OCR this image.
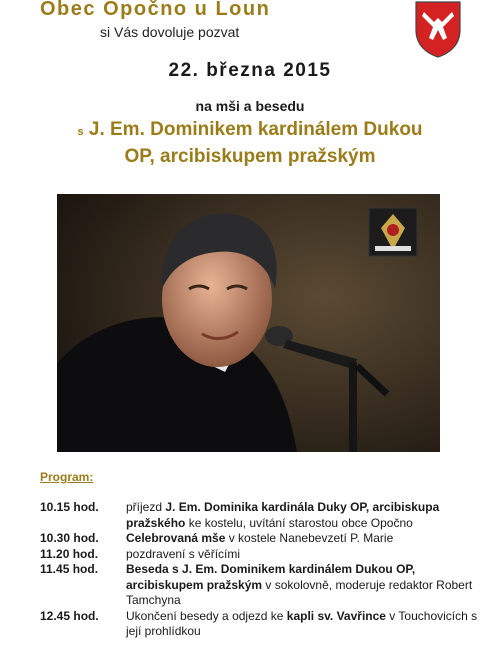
Obec Opočno u Loun
si Vás dovoluje pozvat
22. března 2015
na mši a besedu
s J. Em. Dominikem kardinálem Dukou
OP, arcibiskupem pražským
Program:
10.15 hod.	příjezd J. Em. Dominika kardinála Duky OP, arcibiskupa pražského ke kostelu, uvítání starostou obce Opočno
10.30 hod.	Celebrovaná mše v kostele Nanebevzetí P. Marie
11.20 hod.	pozdravení s věřícími
11.45 hod.	Beseda s J. Em. Dominikem kardinálem Dukou OP, arcibiskupem pražským v sokolovně, moderuje redaktor Robert Tamchyna
12.45 hod.	Ukončení besedy a odjezd ke kapli sv. Vavřince v Touchovicích s její prohlídkou
